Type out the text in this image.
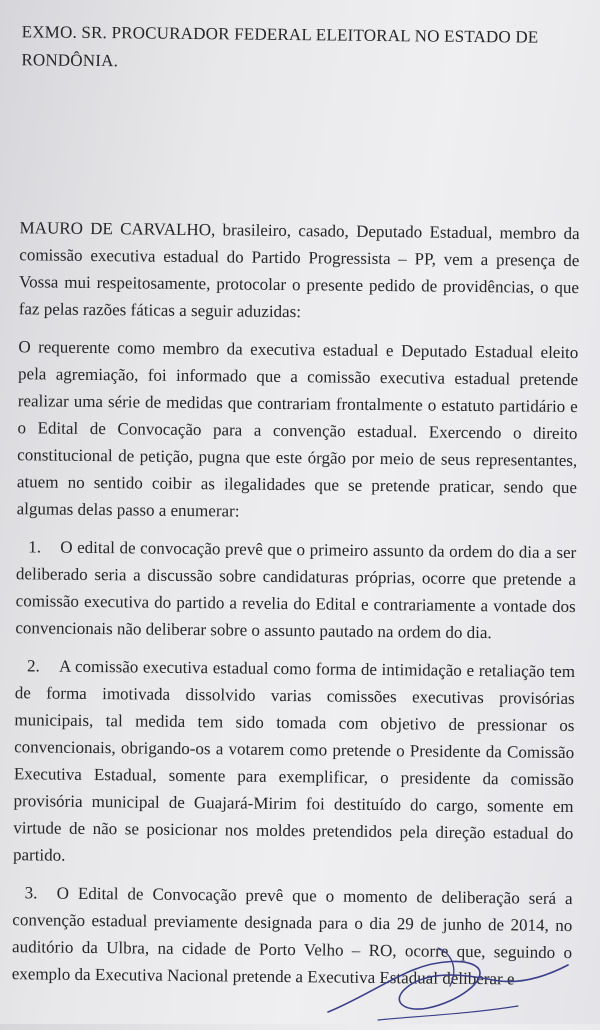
EXMO. SR. PROCURADOR FEDERAL ELEITORAL NO ESTADO DE
RONDÔNIA.

MAURO DE CARVALHO, brasileiro, casado, Deputado Estadual, membro da comissão executiva estadual do Partido Progressista – PP, vem a presença de Vossa mui respeitosamente, protocolar o presente pedido de providências, o que faz pelas razões fáticas a seguir aduzidas:

O requerente como membro da executiva estadual e Deputado Estadual eleito pela agremiação, foi informado que a comissão executiva estadual pretende realizar uma série de medidas que contrariam frontalmente o estatuto partidário e o Edital de Convocação para a convenção estadual. Exercendo o direito constitucional de petição, pugna que este órgão por meio de seus representantes, atuem no sentido coibir as ilegalidades que se pretende praticar, sendo que algumas delas passo a enumerar:

1. O edital de convocação prevê que o primeiro assunto da ordem do dia a ser deliberado seria a discussão sobre candidaturas próprias, ocorre que pretende a comissão executiva do partido a revelia do Edital e contrariamente a vontade dos convencionais não deliberar sobre o assunto pautado na ordem do dia.

2. A comissão executiva estadual como forma de intimidação e retaliação tem de forma imotivada dissolvido varias comissões executivas provisórias municipais, tal medida tem sido tomada com objetivo de pressionar os convencionais, obrigando-os a votarem como pretende o Presidente da Comissão Executiva Estadual, somente para exemplificar, o presidente da comissão provisória municipal de Guajará-Mirim foi destituído do cargo, somente em virtude de não se posicionar nos moldes pretendidos pela direção estadual do partido.

3. O Edital de Convocação prevê que o momento de deliberação será a convenção estadual previamente designada para o dia 29 de junho de 2014, no auditório da Ulbra, na cidade de Porto Velho – RO, ocorre que, seguindo o exemplo da Executiva Nacional pretende a Executiva Estadual deliberar e
